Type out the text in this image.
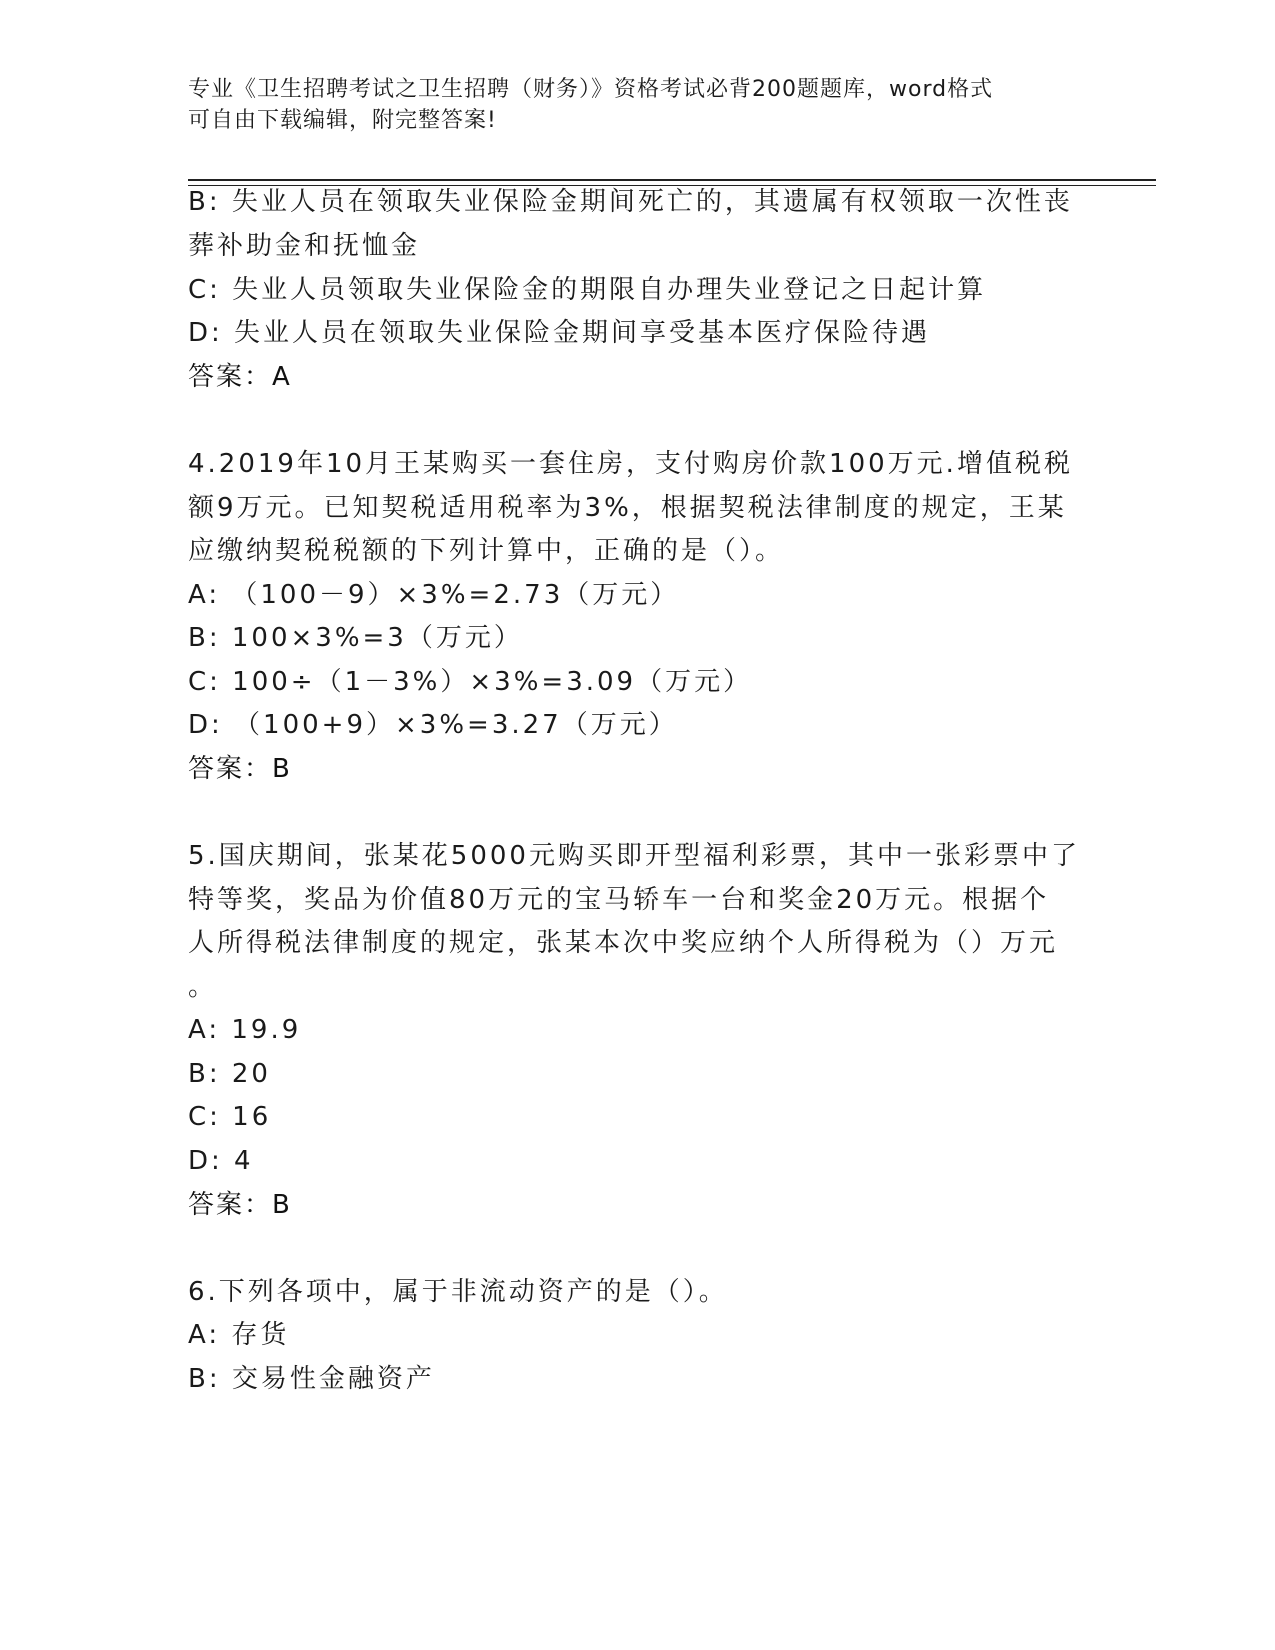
专业《卫生招聘考试之卫生招聘（财务）》资格考试必背200题题库，word格式
可自由下载编辑，附完整答案!
B: 失业人员在领取失业保险金期间死亡的，其遗属有权领取一次性丧
葬补助金和抚恤金
C: 失业人员领取失业保险金的期限自办理失业登记之日起计算
D: 失业人员在领取失业保险金期间享受基本医疗保险待遇
答案：A
4.2019年10月王某购买一套住房，支付购房价款100万元.增值税税
额9万元。已知契税适用税率为3%，根据契税法律制度的规定，王某
应缴纳契税税额的下列计算中，正确的是（）。
A: （100－9）×3%=2.73（万元）
B: 100×3%=3（万元）
C: 100÷（1－3%）×3%=3.09（万元）
D: （100+9）×3%=3.27（万元）
答案：B
5.国庆期间，张某花5000元购买即开型福利彩票，其中一张彩票中了
特等奖，奖品为价值80万元的宝马轿车一台和奖金20万元。根据个
人所得税法律制度的规定，张某本次中奖应纳个人所得税为（）万元
。
A: 19.9
B: 20
C: 16
D: 4
答案：B
6.下列各项中，属于非流动资产的是（）。
A: 存货
B: 交易性金融资产
